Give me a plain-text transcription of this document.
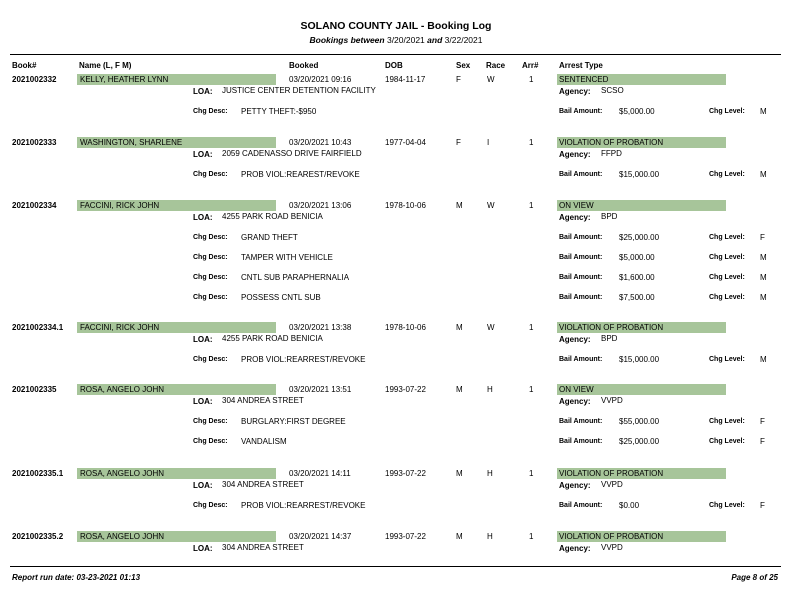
SOLANO COUNTY JAIL - Booking Log
Bookings between 3/20/2021 and 3/22/2021
Book#	Name (L, F M)	Booked	DOB	Sex Race Arr#	Arrest Type
2021002332	KELLY, HEATHER LYNN	03/20/2021 09:16	1984-11-17	F	W	1	SENTENCED
LOA: JUSTICE CENTER DETENTION FACILITY	Agency: SCSO
Chg Desc: PETTY THEFT:-$950	Bail Amount: $5,000.00	Chg Level: M
2021002333	WASHINGTON, SHARLENE	03/20/2021 10:43	1977-04-04	F	I	1	VIOLATION OF PROBATION
LOA: 2059 CADENASSO DRIVE FAIRFIELD	Agency: FFPD
Chg Desc: PROB VIOL:REAREST/REVOKE	Bail Amount: $15,000.00	Chg Level: M
2021002334	FACCINI, RICK JOHN	03/20/2021 13:06	1978-10-06	M	W	1	ON VIEW
LOA: 4255 PARK ROAD BENICIA	Agency: BPD
Chg Desc: GRAND THEFT	Bail Amount: $25,000.00	Chg Level: F
Chg Desc: TAMPER WITH VEHICLE	Bail Amount: $5,000.00	Chg Level: M
Chg Desc: CNTL SUB PARAPHERNALIA	Bail Amount: $1,600.00	Chg Level: M
Chg Desc: POSSESS CNTL SUB	Bail Amount: $7,500.00	Chg Level: M
2021002334.1 FACCINI, RICK JOHN	03/20/2021 13:38	1978-10-06	M	W	1	VIOLATION OF PROBATION
LOA: 4255 PARK ROAD BENICIA	Agency: BPD
Chg Desc: PROB VIOL:REARREST/REVOKE	Bail Amount: $15,000.00	Chg Level: M
2021002335	ROSA, ANGELO JOHN	03/20/2021 13:51	1993-07-22	M	H	1	ON VIEW
LOA: 304 ANDREA STREET	Agency: VVPD
Chg Desc: BURGLARY:FIRST DEGREE	Bail Amount: $55,000.00	Chg Level: F
Chg Desc: VANDALISM	Bail Amount: $25,000.00	Chg Level: F
2021002335.1 ROSA, ANGELO JOHN	03/20/2021 14:11	1993-07-22	M	H	1	VIOLATION OF PROBATION
LOA: 304 ANDREA STREET	Agency: VVPD
Chg Desc: PROB VIOL:REARREST/REVOKE	Bail Amount: $0.00	Chg Level: F
2021002335.2 ROSA, ANGELO JOHN	03/20/2021 14:37	1993-07-22	M	H	1	VIOLATION OF PROBATION
LOA: 304 ANDREA STREET	Agency: VVPD
Report run date: 03-23-2021 01:13	Page 8 of 25
